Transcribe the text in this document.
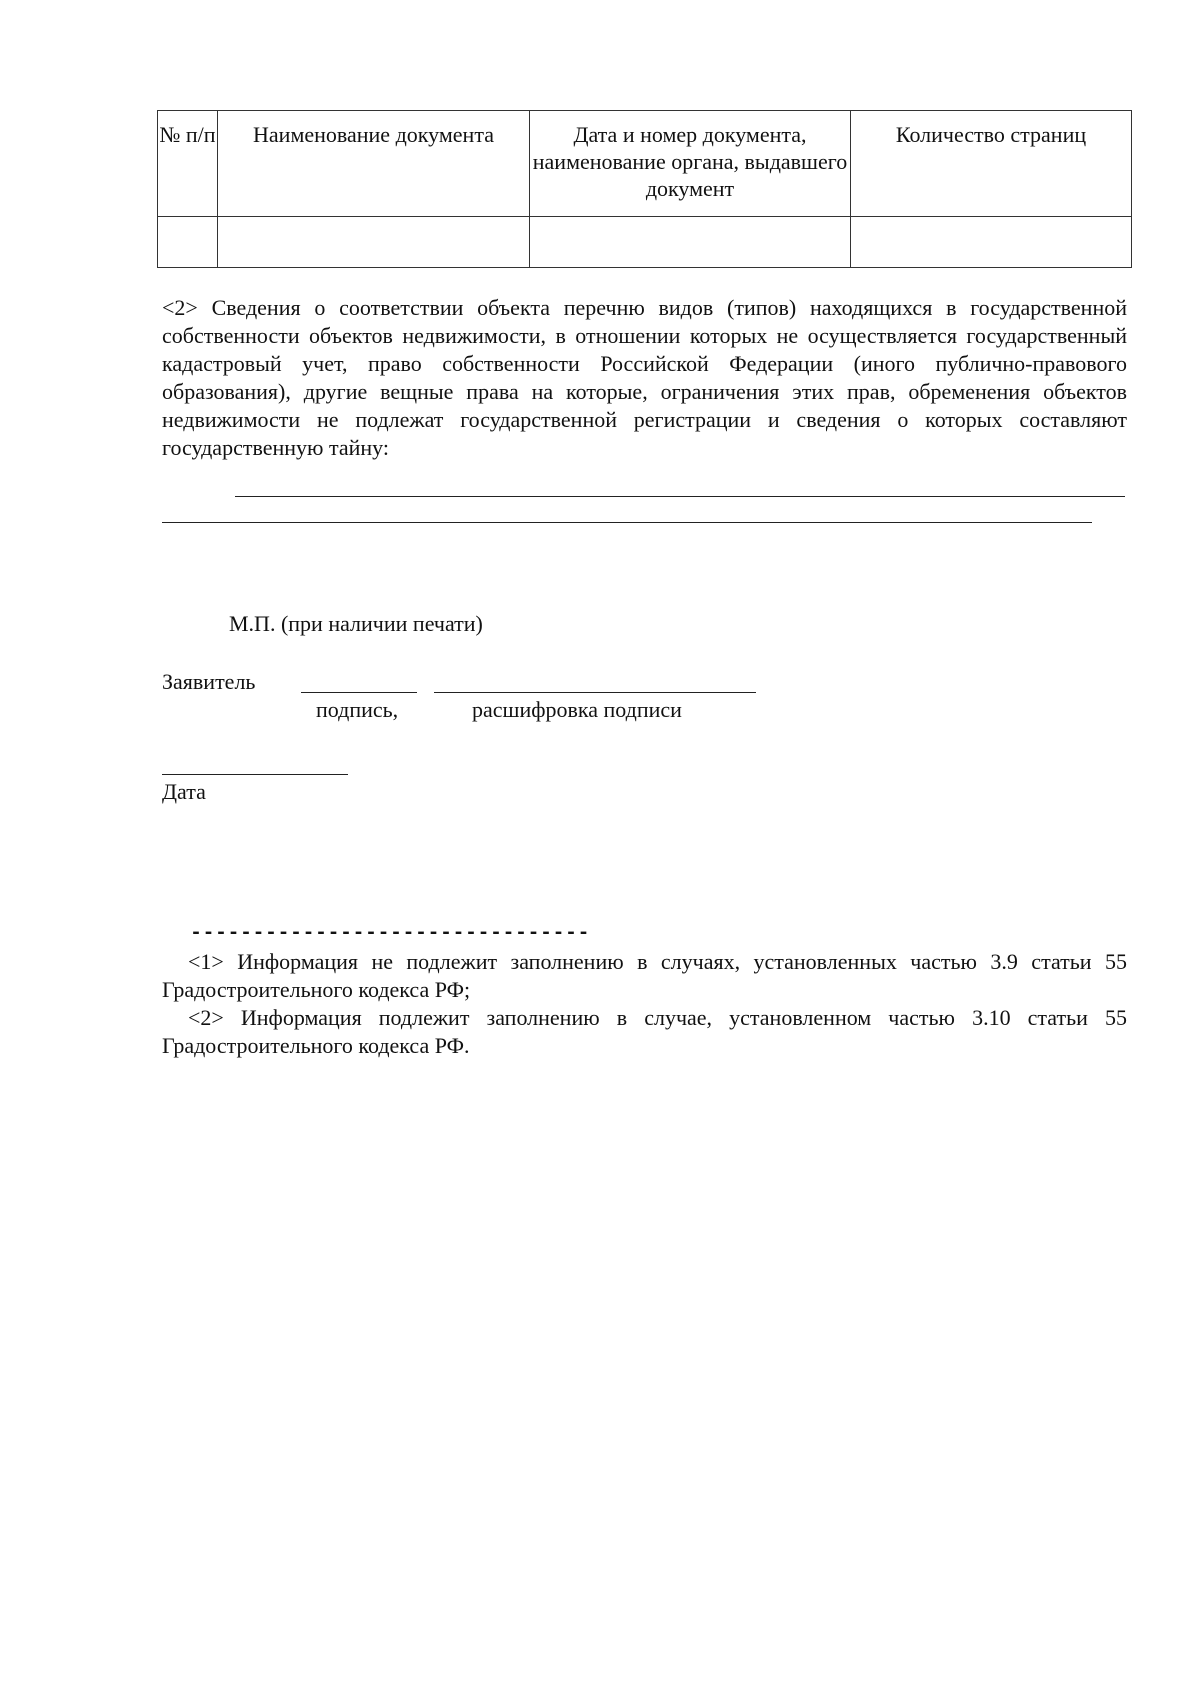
№ п/п	Наименование документа	Дата и номер документа, наименование органа, выдавшего документ	Количество страниц

<2> Сведения о соответствии объекта перечню видов (типов) находящихся в государственной собственности объектов недвижимости, в отношении которых не осуществляется государственный кадастровый учет, право собственности Российской Федерации (иного публично-правового образования), другие вещные права на которые, ограничения этих прав, обременения объектов недвижимости не подлежат государственной регистрации и сведения о которых составляют государственную тайну:
М.П. (при наличии печати)
Заявитель
подпись,	расшифровка подписи
Дата
--------------------------------

<1> Информация не подлежит заполнению в случаях, установленных частью 3.9 статьи 55 Градостроительного кодекса РФ;

<2> Информация подлежит заполнению в случае, установленном частью 3.10 статьи 55 Градостроительного кодекса РФ.
